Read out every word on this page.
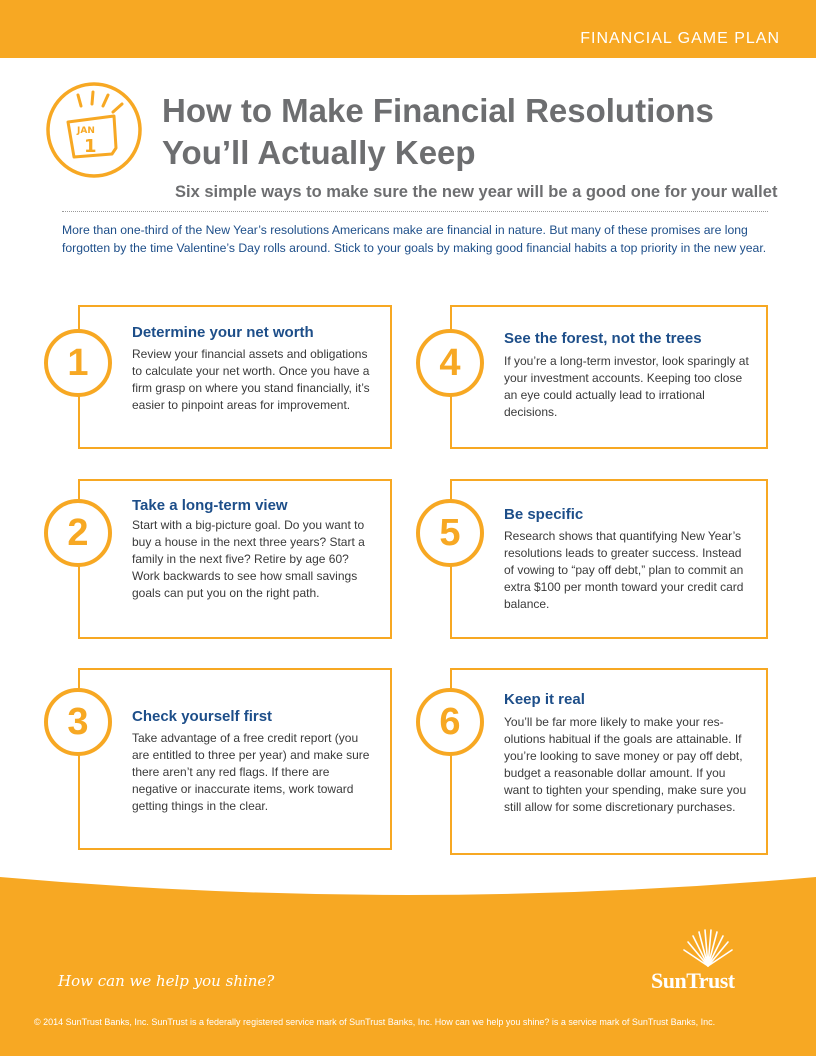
FINANCIAL GAME PLAN
JAN
1
How to Make Financial Resolutions
You’ll Actually Keep
Six simple ways to make sure the new year will be a good one for your wallet
More than one-third of the New Year’s resolutions Americans make are financial in nature. But many of these promises are long forgotten by the time Valentine’s Day rolls around. Stick to your goals by making good financial habits a top priority in the new year.
1
Determine your net worth
Review your financial assets and obligations to calculate your net worth. Once you have a firm grasp on where you stand financially, it’s easier to pinpoint areas for improvement.
2
Take a long-term view
Start with a big-picture goal. Do you want to buy a house in the next three years? Start a family in the next five? Retire by age 60? Work backwards to see how small savings goals can put you on the right path.
3	Check yourself first
Take advantage of a free credit report (you are entitled to three per year) and make sure there aren’t any red flags. If there are negative or inaccurate items, work toward getting things in the clear.
4
See the forest, not the trees
If you’re a long-term investor, look sparingly at your investment accounts. Keeping too close an eye could actually lead to irrational decisions.
5	Be specific
Research shows that quantifying New Year’s resolutions leads to greater success. Instead of vowing to “pay off debt,” plan to commit an extra $100 per month toward your credit card balance.
6
Keep it real
You’ll be far more likely to make your resolutions habitual if the goals are attainable. If you’re looking to save money or pay off debt, budget a reasonable dollar amount. If you want to tighten your spending, make sure you still allow for some discretionary purchases.
How can we help you shine?	SunTrust
© 2014 SunTrust Banks, Inc. SunTrust is a federally registered service mark of SunTrust Banks, Inc. How can we help you shine? is a service mark of SunTrust Banks, Inc.
